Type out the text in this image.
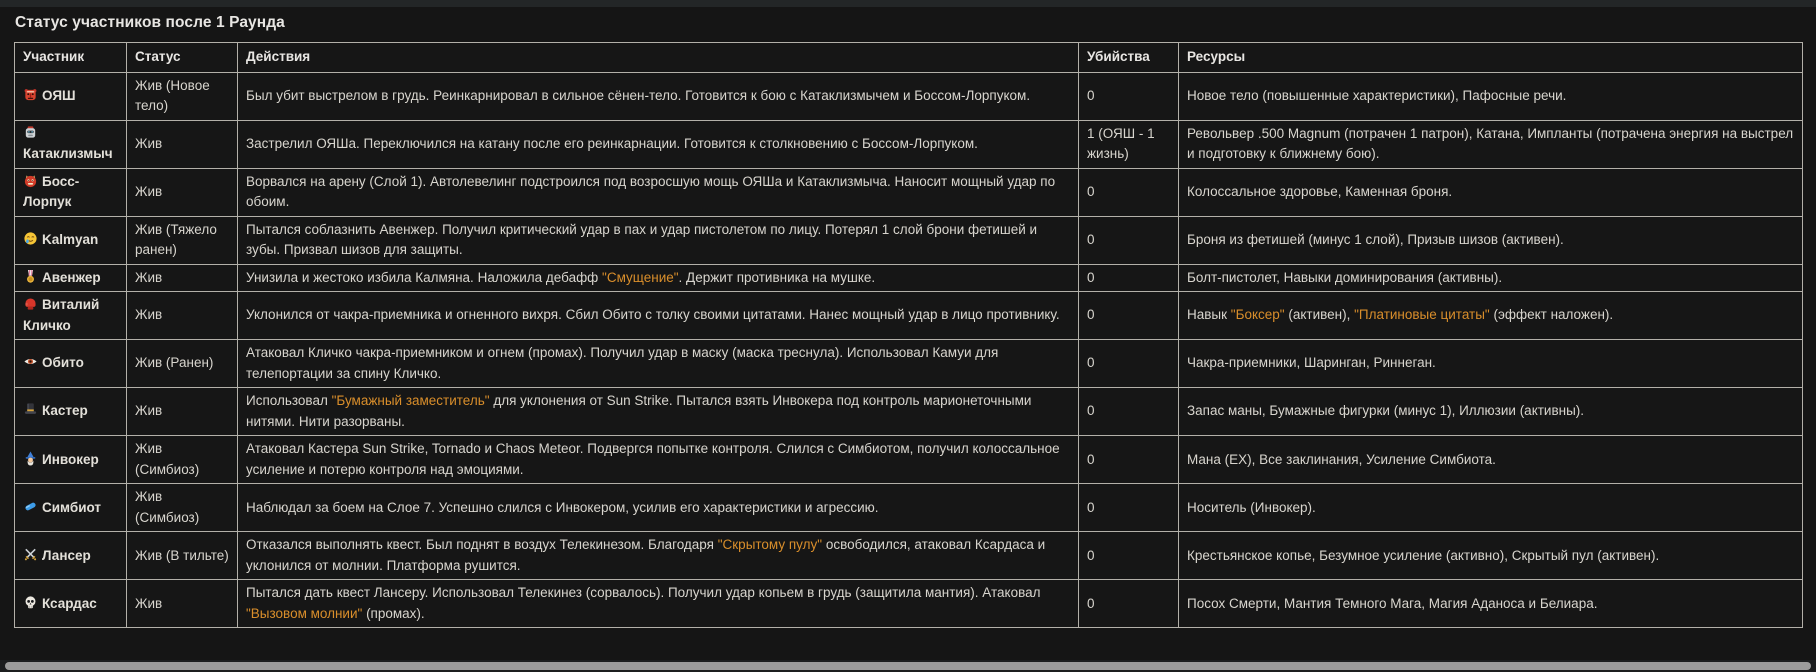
Статус участников после 1 Раунда
Участник	Статус	Действия	Убийства	Ресурсы
ОЯШ	Жив (Новое тело)	Был убит выстрелом в грудь. Реинкарнировал в сильное сёнен-тело. Готовится к бою с Катаклизмычем и Боссом-Лорпуком.	0	Новое тело (повышенные характеристики), Пафосные речи.
Катаклизмыч	Жив	Застрелил ОЯШа. Переключился на катану после его реинкарнации. Готовится к столкновению с Боссом-Лорпуком.	1 (ОЯШ - 1 жизнь)	Револьвер .500 Magnum (потрачен 1 патрон), Катана, Импланты (потрачена энергия на выстрел и подготовку к ближнему бою).
Босс-Лорпук	Жив	Ворвался на арену (Слой 1). Автолевелинг подстроился под возросшую мощь ОЯШа и Катаклизмыча. Наносит мощный удар по обоим.	0	Колоссальное здоровье, Каменная броня.
Kalmyan	Жив (Тяжело ранен)	Пытался соблазнить Авенжер. Получил критический удар в пах и удар пистолетом по лицу. Потерял 1 слой брони фетишей и зубы. Призвал шизов для защиты.	0	Броня из фетишей (минус 1 слой), Призыв шизов (активен).
Авенжер	Жив	Унизила и жестоко избила Калмяна. Наложила дебафф "Смущение". Держит противника на мушке.	0	Болт-пистолет, Навыки доминирования (активны).
Виталий Кличко	Жив	Уклонился от чакра-приемника и огненного вихря. Сбил Обито с толку своими цитатами. Нанес мощный удар в лицо противнику.	0	Навык "Боксер" (активен), "Платиновые цитаты" (эффект наложен).
Обито	Жив (Ранен)	Атаковал Кличко чакра-приемником и огнем (промах). Получил удар в маску (маска треснула). Использовал Камуи для телепортации за спину Кличко.	0	Чакра-приемники, Шаринган, Риннеган.
Кастер	Жив	Использовал "Бумажный заместитель" для уклонения от Sun Strike. Пытался взять Инвокера под контроль марионеточными нитями. Нити разорваны.	0	Запас маны, Бумажные фигурки (минус 1), Иллюзии (активны).
Инвокер	Жив (Симбиоз)	Атаковал Кастера Sun Strike, Tornado и Chaos Meteor. Подвергся попытке контроля. Слился с Симбиотом, получил колоссальное усиление и потерю контроля над эмоциями.	0	Мана (EX), Все заклинания, Усиление Симбиота.
Симбиот	Жив (Симбиоз)	Наблюдал за боем на Слое 7. Успешно слился с Инвокером, усилив его характеристики и агрессию.	0	Носитель (Инвокер).
Лансер	Жив (В тильте)	Отказался выполнять квест. Был поднят в воздух Телекинезом. Благодаря "Скрытому пулу" освободился, атаковал Ксардаса и уклонился от молнии. Платформа рушится.	0	Крестьянское копье, Безумное усиление (активно), Скрытый пул (активен).
Ксардас	Жив	Пытался дать квест Лансеру. Использовал Телекинез (сорвалось). Получил удар копьем в грудь (защитила мантия). Атаковал "Вызовом молнии" (промах).	0	Посох Смерти, Мантия Темного Мага, Магия Аданоса и Белиара.
